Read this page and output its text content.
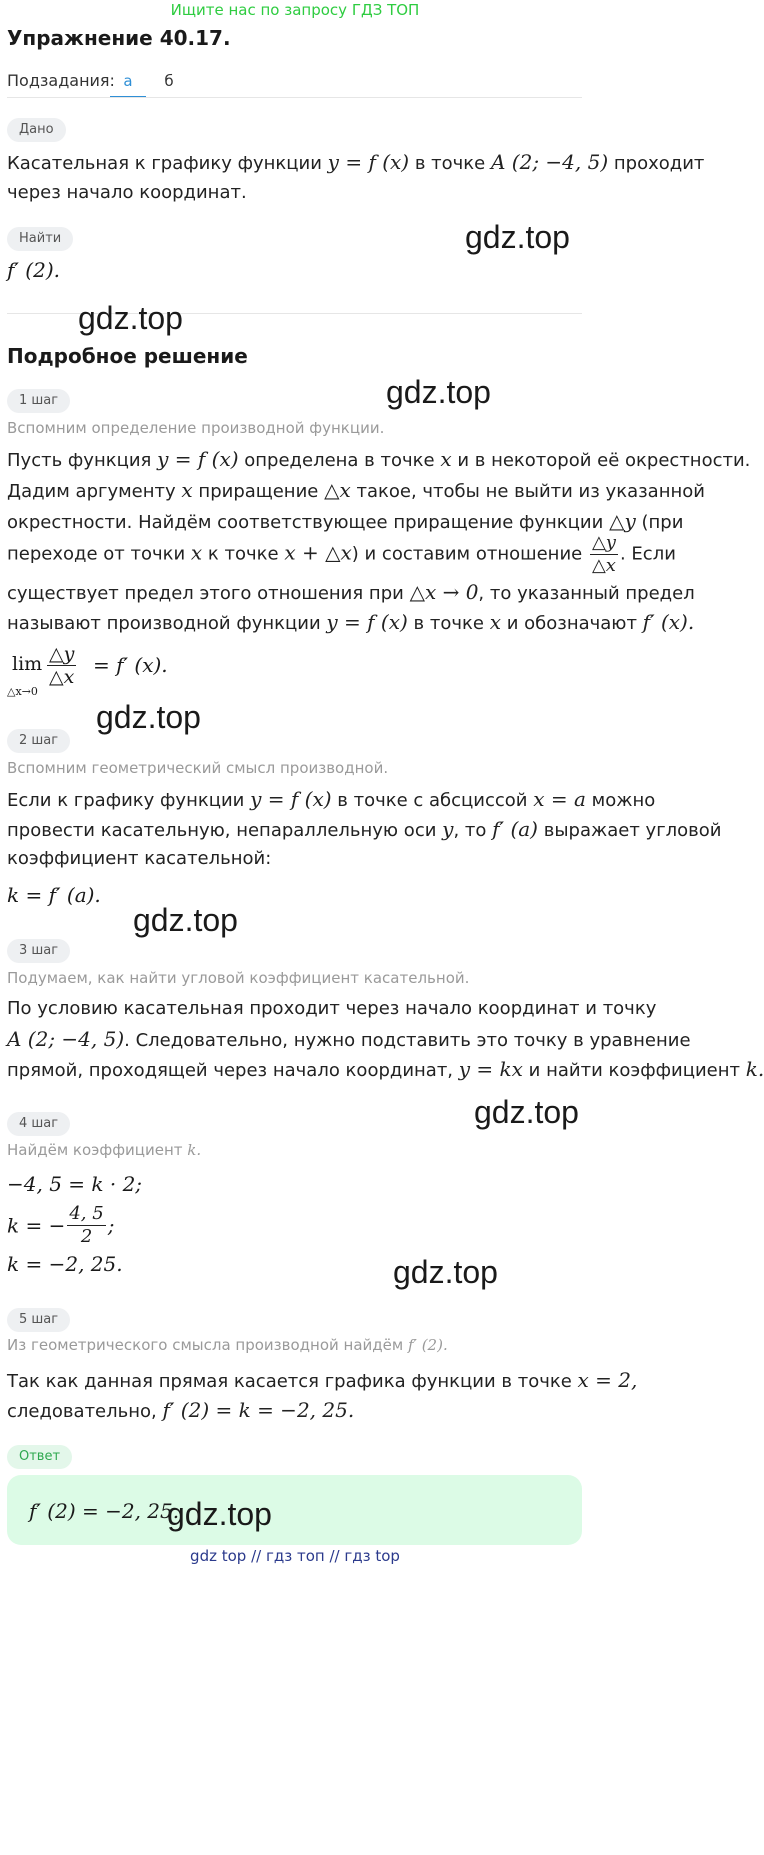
Ищите нас по запросу ГДЗ ТОП
Упражнение 40.17.
Подзадания: а	б
Дано
Касательная к графику функции y = f (x) в точке A (2; −4, 5) проходит
через начало координат.
Найти
f′ (2).
Подробное решение
1 шаг
Вспомним определение производной функции.
Пусть функция y = f (x) определена в точке x и в некоторой её окрестности.
Дадим аргументу x приращение △x такое, чтобы не выйти из указанной
окрестности. Найдём соответствующее приращение функции △y (при
переходе от точки x к точке x + △x) и составим отношение $\frac{\triangle y}{\triangle x}$ . Если
существует предел этого отношения при △x → 0, то указанный предел
называют производной функции y = f (x) в точке x и обозначают f′ (x).
lim
△x→0
$\frac{\triangle y}{\triangle x} = f'$ (x).
2 шаг
Вспомним геометрический смысл производной.
Если к графику функции y = f (x) в точке с абсциссой x = a можно
провести касательную, непараллельную оси y, то f′ (a) выражает угловой
коэффициент касательной:
k = f′ (a).
3 шаг
Подумаем, как найти угловой коэффициент касательной.
По условию касательная проходит через начало координат и точку
A (2; −4, 5). Следовательно, нужно подставить это точку в уравнение
прямой, проходящей через начало координат, y = kx и найти коэффициент k.
4 шаг
Найдём коэффициент k.
−4, 5 = k · 2;
k = − $\frac{4, 5}{2}$ ;
k = −2, 25.
5 шаг
Из геометрического смысла производной найдём f′ (2).
Так как данная прямая касается графика функции в точке x = 2,
следовательно, f′ (2) = k = −2, 25.
Ответ
f′ (2) = −2, 25.
gdz.top
gdz.top
gdz.top
gdz.top
gdz.top
gdz.top
gdz.top
gdz.top
gdz top // гдз топ // гдз top
